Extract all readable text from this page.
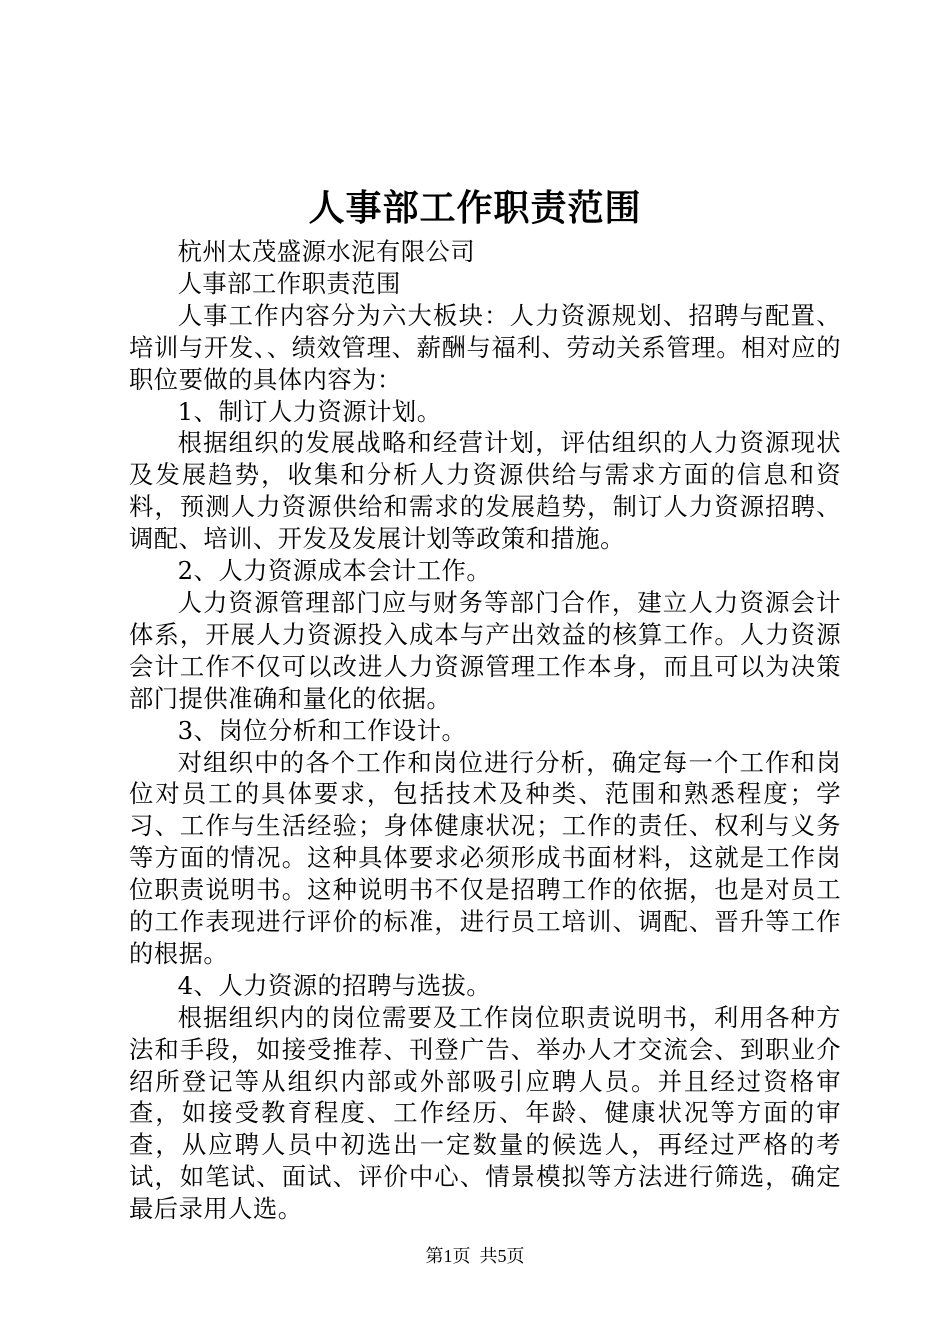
人事部工作职责范围

杭州太茂盛源水泥有限公司

人事部工作职责范围

人事工作内容分为六大板块：人力资源规划、招聘与配置、培训与开发、、绩效管理、薪酬与福利、劳动关系管理。相对应的职位要做的具体内容为：

1、制订人力资源计划。

根据组织的发展战略和经营计划，评估组织的人力资源现状及发展趋势，收集和分析人力资源供给与需求方面的信息和资料，预测人力资源供给和需求的发展趋势，制订人力资源招聘、调配、培训、开发及发展计划等政策和措施。

2、人力资源成本会计工作。

人力资源管理部门应与财务等部门合作，建立人力资源会计体系，开展人力资源投入成本与产出效益的核算工作。人力资源会计工作不仅可以改进人力资源管理工作本身，而且可以为决策部门提供准确和量化的依据。

3、岗位分析和工作设计。

对组织中的各个工作和岗位进行分析，确定每一个工作和岗位对员工的具体要求，包括技术及种类、范围和熟悉程度；学习、工作与生活经验；身体健康状况；工作的责任、权利与义务等方面的情况。这种具体要求必须形成书面材料，这就是工作岗位职责说明书。这种说明书不仅是招聘工作的依据，也是对员工的工作表现进行评价的标准，进行员工培训、调配、晋升等工作的根据。

4、人力资源的招聘与选拔。

根据组织内的岗位需要及工作岗位职责说明书，利用各种方法和手段，如接受推荐、刊登广告、举办人才交流会、到职业介绍所登记等从组织内部或外部吸引应聘人员。并且经过资格审查，如接受教育程度、工作经历、年龄、健康状况等方面的审查，从应聘人员中初选出一定数量的候选人，再经过严格的考试，如笔试、面试、评价中心、情景模拟等方法进行筛选，确定最后录用人选。

第1页  共5页
